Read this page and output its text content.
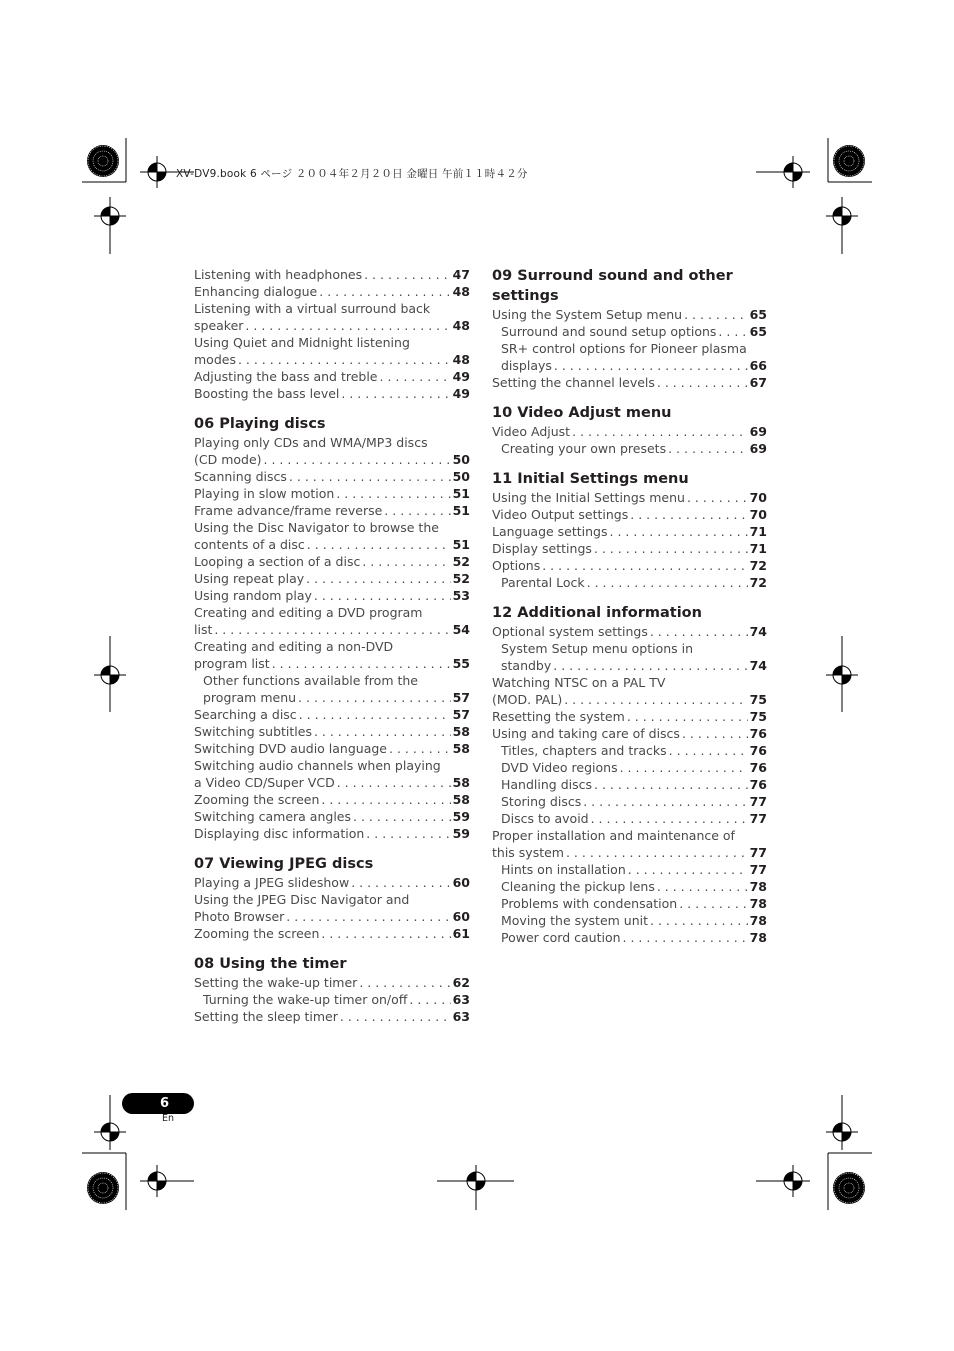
XV-DV9.book 6 ページ ２００４年２月２０日 金曜日 午前１１時４２分
Listening with headphones . . .	47
Enhancing dialogue . . .	48
Listening with a virtual surround back
speaker . . .	48
Using Quiet and Midnight listening
modes . . .	48
Adjusting the bass and treble . . .	49
Boosting the bass level . . .	49
06 Playing discs
Playing only CDs and WMA/MP3 discs
(CD mode) . . .	50
Scanning discs . . .	50
Playing in slow motion . . .	51
Frame advance/frame reverse . . .	51
Using the Disc Navigator to browse the
contents of a disc . . .	51
Looping a section of a disc . . .	52
Using repeat play . . .	52
Using random play . . .	53
Creating and editing a DVD program
list . . .	54
Creating and editing a non-DVD
program list . . .	55
Other functions available from the
program menu . . .	57
Searching a disc . . .	57
Switching subtitles . . .	58
Switching DVD audio language . . .	58
Switching audio channels when playing
a Video CD/Super VCD . . .	58
Zooming the screen . . .	58
Switching camera angles . . .	59
Displaying disc information . . .	59
07 Viewing JPEG discs
Playing a JPEG slideshow . . .	60
Using the JPEG Disc Navigator and
Photo Browser . . .	60
Zooming the screen . . .	61
08 Using the timer
Setting the wake-up timer . . .	62
Turning the wake-up timer on/off . . .	63
Setting the sleep timer . . .	63
09 Surround sound and other settings
Using the System Setup menu . . .	65
Surround and sound setup options . . .	65
SR+ control options for Pioneer plasma
displays . . .	66
Setting the channel levels . . .	67
10 Video Adjust menu
Video Adjust . . .	69
Creating your own presets . . .	69
11 Initial Settings menu
Using the Initial Settings menu . . .	70
Video Output settings . . .	70
Language settings . . .	71
Display settings . . .	71
Options . . .	72
Parental Lock . . .	72
12 Additional information
Optional system settings . . .	74
System Setup menu options in
standby . . .	74
Watching NTSC on a PAL TV
(MOD. PAL) . . .	75
Resetting the system . . .	75
Using and taking care of discs . . .	76
Titles, chapters and tracks . . .	76
DVD Video regions . . .	76
Handling discs . . .	76
Storing discs . . .	77
Discs to avoid . . .	77
Proper installation and maintenance of
this system . . .	77
Hints on installation . . .	77
Cleaning the pickup lens . . .	78
Problems with condensation . . .	78
Moving the system unit . . .	78
Power cord caution . . .	78
6
En
